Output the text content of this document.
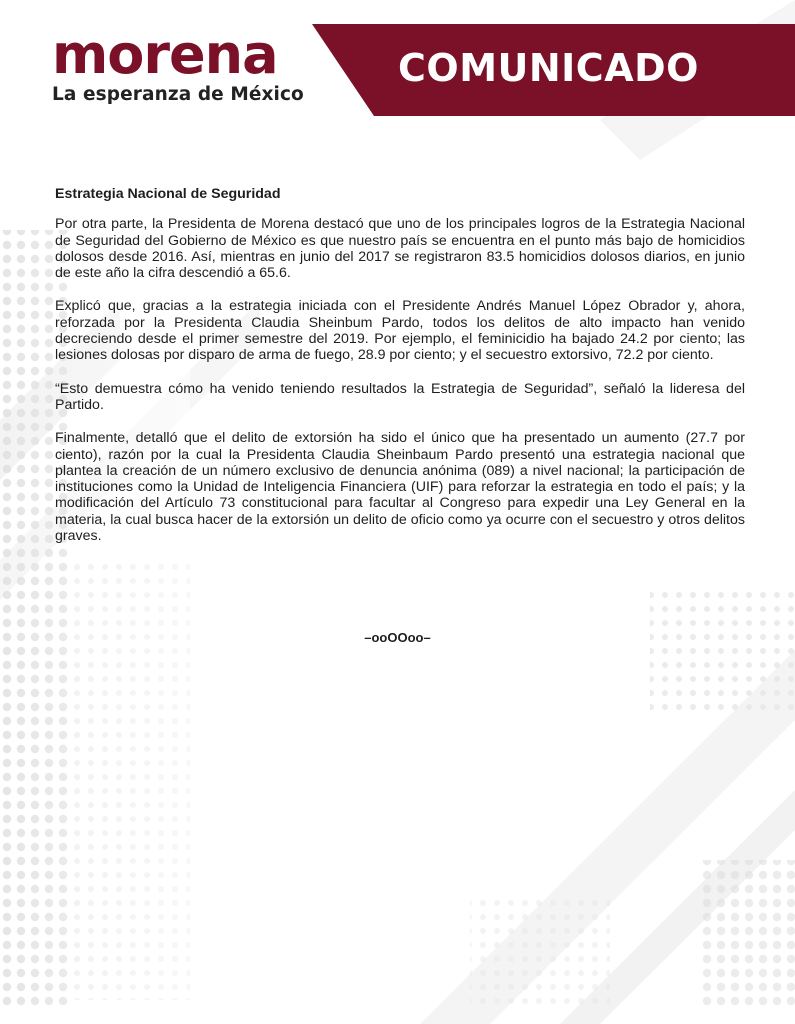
morena
La esperanza de México
COMUNICADO
Estrategia Nacional de Seguridad

Por otra parte, la Presidenta de Morena destacó que uno de los principales logros de la Estrategia Nacional de Seguridad del Gobierno de México es que nuestro país se encuentra en el punto más bajo de homicidios dolosos desde 2016. Así, mientras en junio del 2017 se registraron 83.5 homicidios dolosos diarios, en junio de este año la cifra descendió a 65.6.

Explicó que, gracias a la estrategia iniciada con el Presidente Andrés Manuel López Obrador y, ahora, reforzada por la Presidenta Claudia Sheinbum Pardo, todos los delitos de alto impacto han venido decreciendo desde el primer semestre del 2019. Por ejemplo, el feminicidio ha bajado 24.2 por ciento; las lesiones dolosas por disparo de arma de fuego, 28.9 por ciento; y el secuestro extorsivo, 72.2 por ciento.

“Esto demuestra cómo ha venido teniendo resultados la Estrategia de Seguridad”, señaló la lideresa del Partido.

Finalmente, detalló que el delito de extorsión ha sido el único que ha presentado un aumento (27.7 por ciento), razón por la cual la Presidenta Claudia Sheinbaum Pardo presentó una estrategia nacional que plantea la creación de un número exclusivo de denuncia anónima (089) a nivel nacional; la participación de instituciones como la Unidad de Inteligencia Financiera (UIF) para reforzar la estrategia en todo el país; y la modificación del Artículo 73 constitucional para facultar al Congreso para expedir una Ley General en la materia, la cual busca hacer de la extorsión un delito de oficio como ya ocurre con el secuestro y otros delitos graves.

–ooOOoo–
